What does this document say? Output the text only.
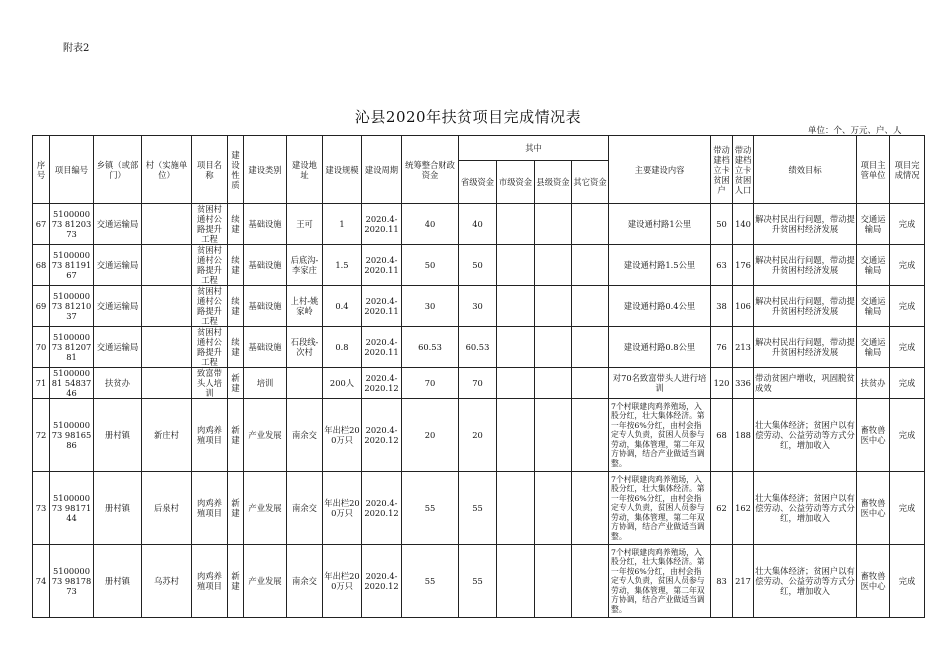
附表2
沁县2020年扶贫项目完成情况表
单位：个、万元、户、人
序号	项目编号	乡镇（或部门）	村（实施单位）	项目名称	建设性质	建设类别	建设地址	建设规模	建设周期	统筹整合财政资金	其中				主要建设内容	带动建档立卡贫困户	带动建档立卡贫困人口	绩效目标	项目主管单位	项目完成情况
											省级资金	市级资金	县级资金	其它资金						
67	510000073 8120373	交通运输局		贫困村通村公路提升工程	续建	基础设施	王可	1	2020.4-2020.11	40	40				建设通村路1公里	50	140	解决村民出行问题，带动提升贫困村经济发展	交通运输局	完成
68	510000073 8119167	交通运输局		贫困村通村公路提升工程	续建	基础设施	后底沟-李家庄	1.5	2020.4-2020.11	50	50				建设通村路1.5公里	63	176	解决村民出行问题，带动提升贫困村经济发展	交通运输局	完成
69	510000073 8121037	交通运输局		贫困村通村公路提升工程	续建	基础设施	上村-姚家岭	0.4	2020.4-2020.11	30	30				建设通村路0.4公里	38	106	解决村民出行问题，带动提升贫困村经济发展	交通运输局	完成
70	510000073 8120781	交通运输局		贫困村通村公路提升工程	续建	基础设施	石段线-次村	0.8	2020.4-2020.11	60.53	60.53				建设通村路0.8公里	76	213	解决村民出行问题，带动提升贫困村经济发展	交通运输局	完成
71	510000081 5483746	扶贫办		致富带头人培训	新建	培训		200人	2020.4-2020.12	70	70				对70名致富带头人进行培训	120	336	带动贫困户增收，巩固脱贫成效	扶贫办	完成
72	510000073 9816586	册村镇	新庄村	肉鸡养殖项目	新建	产业发展	南余交	年出栏200万只	2020.4-2020.12	20	20				7个村联建肉鸡养殖场，入股分红，壮大集体经济。第一年按6%分红，由村会指定专人负责，贫困人员参与劳动，集体管理，第二年双方协调，结合产业做适当调整。	68	188	壮大集体经济；贫困户以有偿劳动、公益劳动等方式分红，增加收入	畜牧兽医中心	完成
73	510000073 9817144	册村镇	后泉村	肉鸡养殖项目	新建	产业发展	南余交	年出栏200万只	2020.4-2020.12	55	55				7个村联建肉鸡养殖场，入股分红，壮大集体经济。第一年按6%分红，由村会指定专人负责，贫困人员参与劳动，集体管理，第二年双方协调，结合产业做适当调整。	62	162	壮大集体经济；贫困户以有偿劳动、公益劳动等方式分红，增加收入	畜牧兽医中心	完成
74	510000073 9817873	册村镇	乌苏村	肉鸡养殖项目	新建	产业发展	南余交	年出栏200万只	2020.4-2020.12	55	55				7个村联建肉鸡养殖场，入股分红，壮大集体经济。第一年按6%分红，由村会指定专人负责，贫困人员参与劳动，集体管理，第二年双方协调，结合产业做适当调整。	83	217	壮大集体经济；贫困户以有偿劳动、公益劳动等方式分红，增加收入	畜牧兽医中心	完成
